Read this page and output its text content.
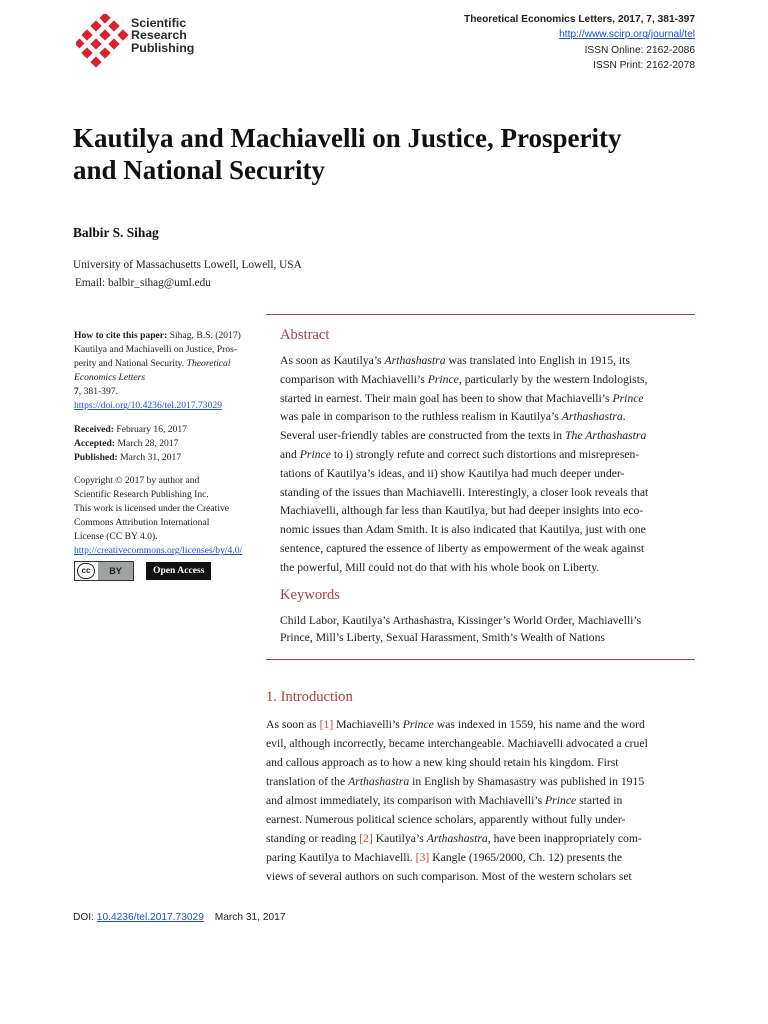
Scientific
Research
Publishing
Theoretical Economics Letters, 2017, 7, 381-397
http://www.scirp.org/journal/tel
ISSN Online: 2162-2086
ISSN Print: 2162-2078
Kautilya and Machiavelli on Justice, Prosperity
and National Security
Balbir S. Sihag
University of Massachusetts Lowell, Lowell, USA
Email: balbir_sihag@uml.edu
How to cite this paper: Sihag, B.S. (2017)
Kautilya and Machiavelli on Justice, Pros-
perity and National Security. Theoretical Economics Letters
7, 381-397.
https://doi.org/10.4236/tel.2017.73029
Received: February 16, 2017
Accepted: March 28, 2017
Published: March 31, 2017
Copyright © 2017 by author and
Scientific Research Publishing Inc.
This work is licensed under the Creative
Commons Attribution International
License (CC BY 4.0).
http://creativecommons.org/licenses/by/4.0/
cc	BY	Open Access
Abstract
As soon as Kautilya’s Arthashastra was translated into English in 1915, its
comparison with Machiavelli’s Prince, particularly by the western Indologists,
started in earnest. Their main goal has been to show that Machiavelli’s Prince
was pale in comparison to the ruthless realism in Kautilya’s Arthashastra.
Several user-friendly tables are constructed from the texts in The Arthashastra
and Prince to i) strongly refute and correct such distortions and misrepresen-
tations of Kautilya’s ideas, and ii) show Kautilya had much deeper under-
standing of the issues than Machiavelli. Interestingly, a closer look reveals that
Machiavelli, although far less than Kautilya, but had deeper insights into eco-
nomic issues than Adam Smith. It is also indicated that Kautilya, just with one
sentence, captured the essence of liberty as empowerment of the weak against
the powerful, Mill could not do that with his whole book on Liberty.
Keywords
Child Labor, Kautilya’s Arthashastra, Kissinger’s World Order, Machiavelli’s
Prince, Mill’s Liberty, Sexual Harassment, Smith’s Wealth of Nations
1. Introduction
As soon as [1] Machiavelli’s Prince was indexed in 1559, his name and the word
evil, although incorrectly, became interchangeable. Machiavelli advocated a cruel
and callous approach as to how a new king should retain his kingdom. First
translation of the Arthashastra in English by Shamasastry was published in 1915
and almost immediately, its comparison with Machiavelli’s Prince started in
earnest. Numerous political science scholars, apparently without fully under-
standing or reading [2] Kautilya’s Arthashastra, have been inappropriately com-
paring Kautilya to Machiavelli. [3] Kangle (1965/2000, Ch. 12) presents the
views of several authors on such comparison. Most of the western scholars set
DOI: 10.4236/tel.2017.73029 March 31, 2017
